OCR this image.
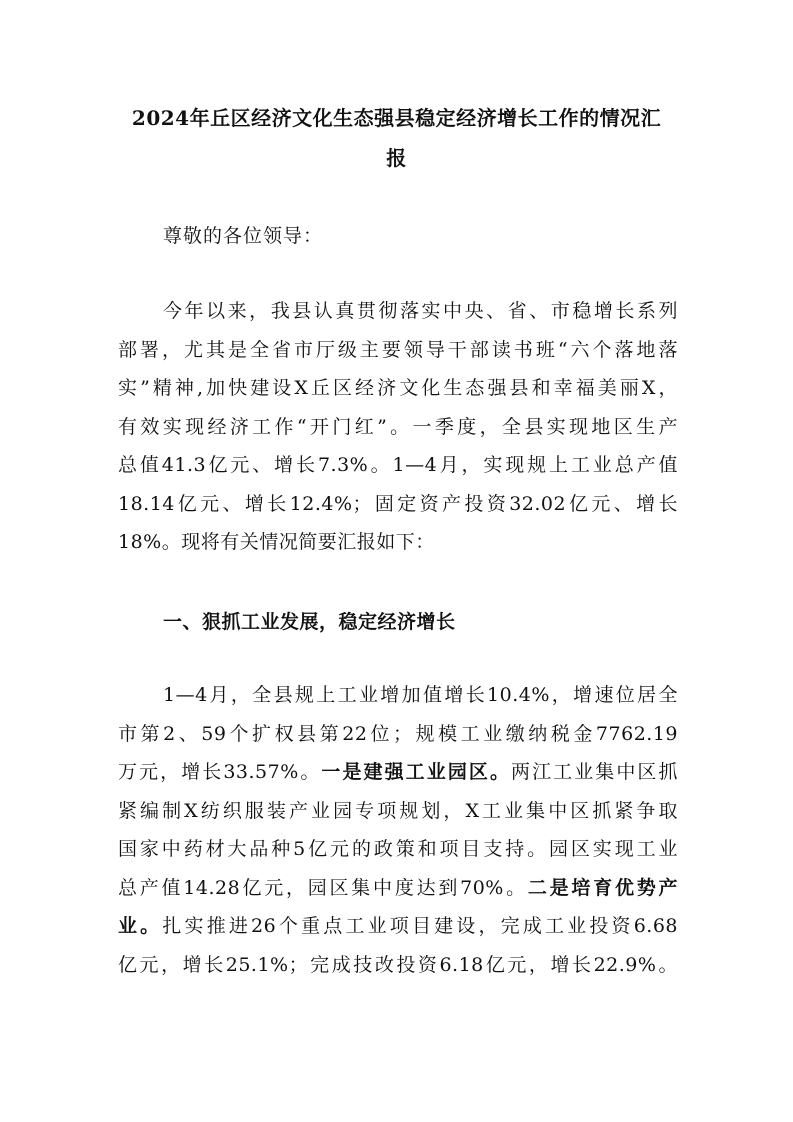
2024年丘区经济文化生态强县稳定经济增长工作的情况汇
报
尊敬的各位领导：
今年以来，我县认真贯彻落实中央、省、市稳增长系列
部署，尤其是全省市厅级主要领导干部读书班“六个落地落
实”精神,加快建设X丘区经济文化生态强县和幸福美丽X，
有效实现经济工作“开门红”。一季度，全县实现地区生产
总值41.3亿元、增长7.3%。1—4月，实现规上工业总产值
18.14亿元、增长12.4%；固定资产投资32.02亿元、增长
18%。现将有关情况简要汇报如下：
一、狠抓工业发展，稳定经济增长
1—4月，全县规上工业增加值增长10.4%，增速位居全
市第2、59个扩权县第22位；规模工业缴纳税金7762.19
万元，增长33.57%。一是建强工业园区。两江工业集中区抓
紧编制X纺织服装产业园专项规划，X工业集中区抓紧争取
国家中药材大品种5亿元的政策和项目支持。园区实现工业
总产值14.28亿元，园区集中度达到70%。二是培育优势产
业。扎实推进26个重点工业项目建设，完成工业投资6.68
亿元，增长25.1%；完成技改投资6.18亿元，增长22.9%。
